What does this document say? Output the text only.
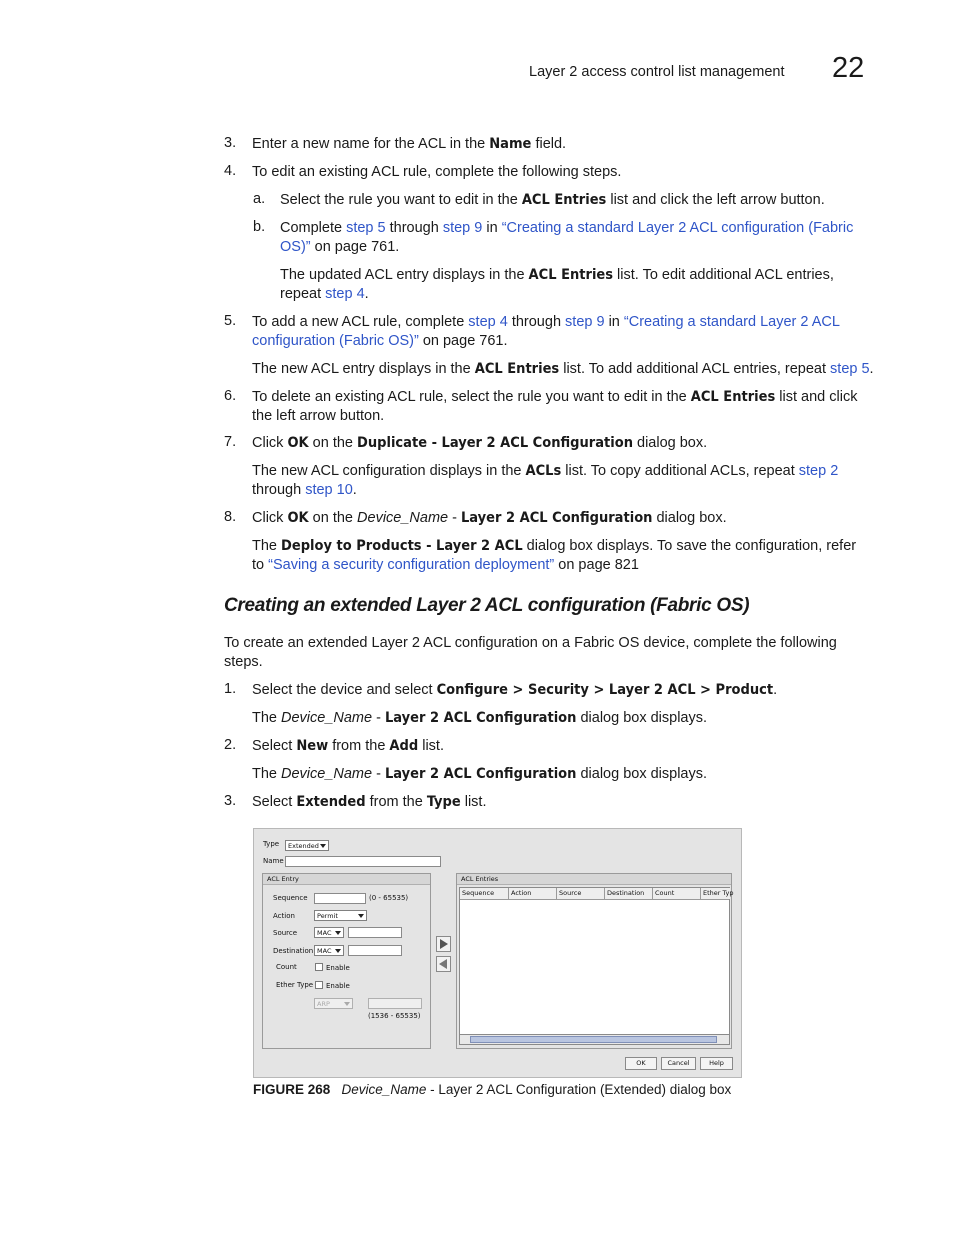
Layer 2 access control list management 22
3. Enter a new name for the ACL in the Name field.
4. To edit an existing ACL rule, complete the following steps.
a. Select the rule you want to edit in the ACL Entries list and click the left arrow button.
b. Complete step 5 through step 9 in “Creating a standard Layer 2 ACL configuration (Fabric OS)” on page 761.
The updated ACL entry displays in the ACL Entries list. To edit additional ACL entries, repeat step 4.
5. To add a new ACL rule, complete step 4 through step 9 in “Creating a standard Layer 2 ACL configuration (Fabric OS)” on page 761.
The new ACL entry displays in the ACL Entries list. To add additional ACL entries, repeat step 5.
6. To delete an existing ACL rule, select the rule you want to edit in the ACL Entries list and click the left arrow button.
7. Click OK on the Duplicate - Layer 2 ACL Configuration dialog box.
The new ACL configuration displays in the ACLs list. To copy additional ACLs, repeat step 2 through step 10.
8. Click OK on the Device_Name - Layer 2 ACL Configuration dialog box.
The Deploy to Products - Layer 2 ACL dialog box displays. To save the configuration, refer to “Saving a security configuration deployment” on page 821
Creating an extended Layer 2 ACL configuration (Fabric OS)
To create an extended Layer 2 ACL configuration on a Fabric OS device, complete the following steps.
1. Select the device and select Configure > Security > Layer 2 ACL > Product.
The Device_Name - Layer 2 ACL Configuration dialog box displays.
2. Select New from the Add list.
The Device_Name - Layer 2 ACL Configuration dialog box displays.
3. Select Extended from the Type list.
Type	Extended
Name
ACL Entry
Sequence	(0 - 65535)
Action	Permit
Source	MAC
Destination MAC
Count	Enable
Ether Type Enable
ARP
(1536 - 65535)
ACL Entries
Sequence	Action	Source	Destination	Count	Ether Typ
OK	Cancel	Help
FIGURE 268 Device_Name - Layer 2 ACL Configuration (Extended) dialog box
